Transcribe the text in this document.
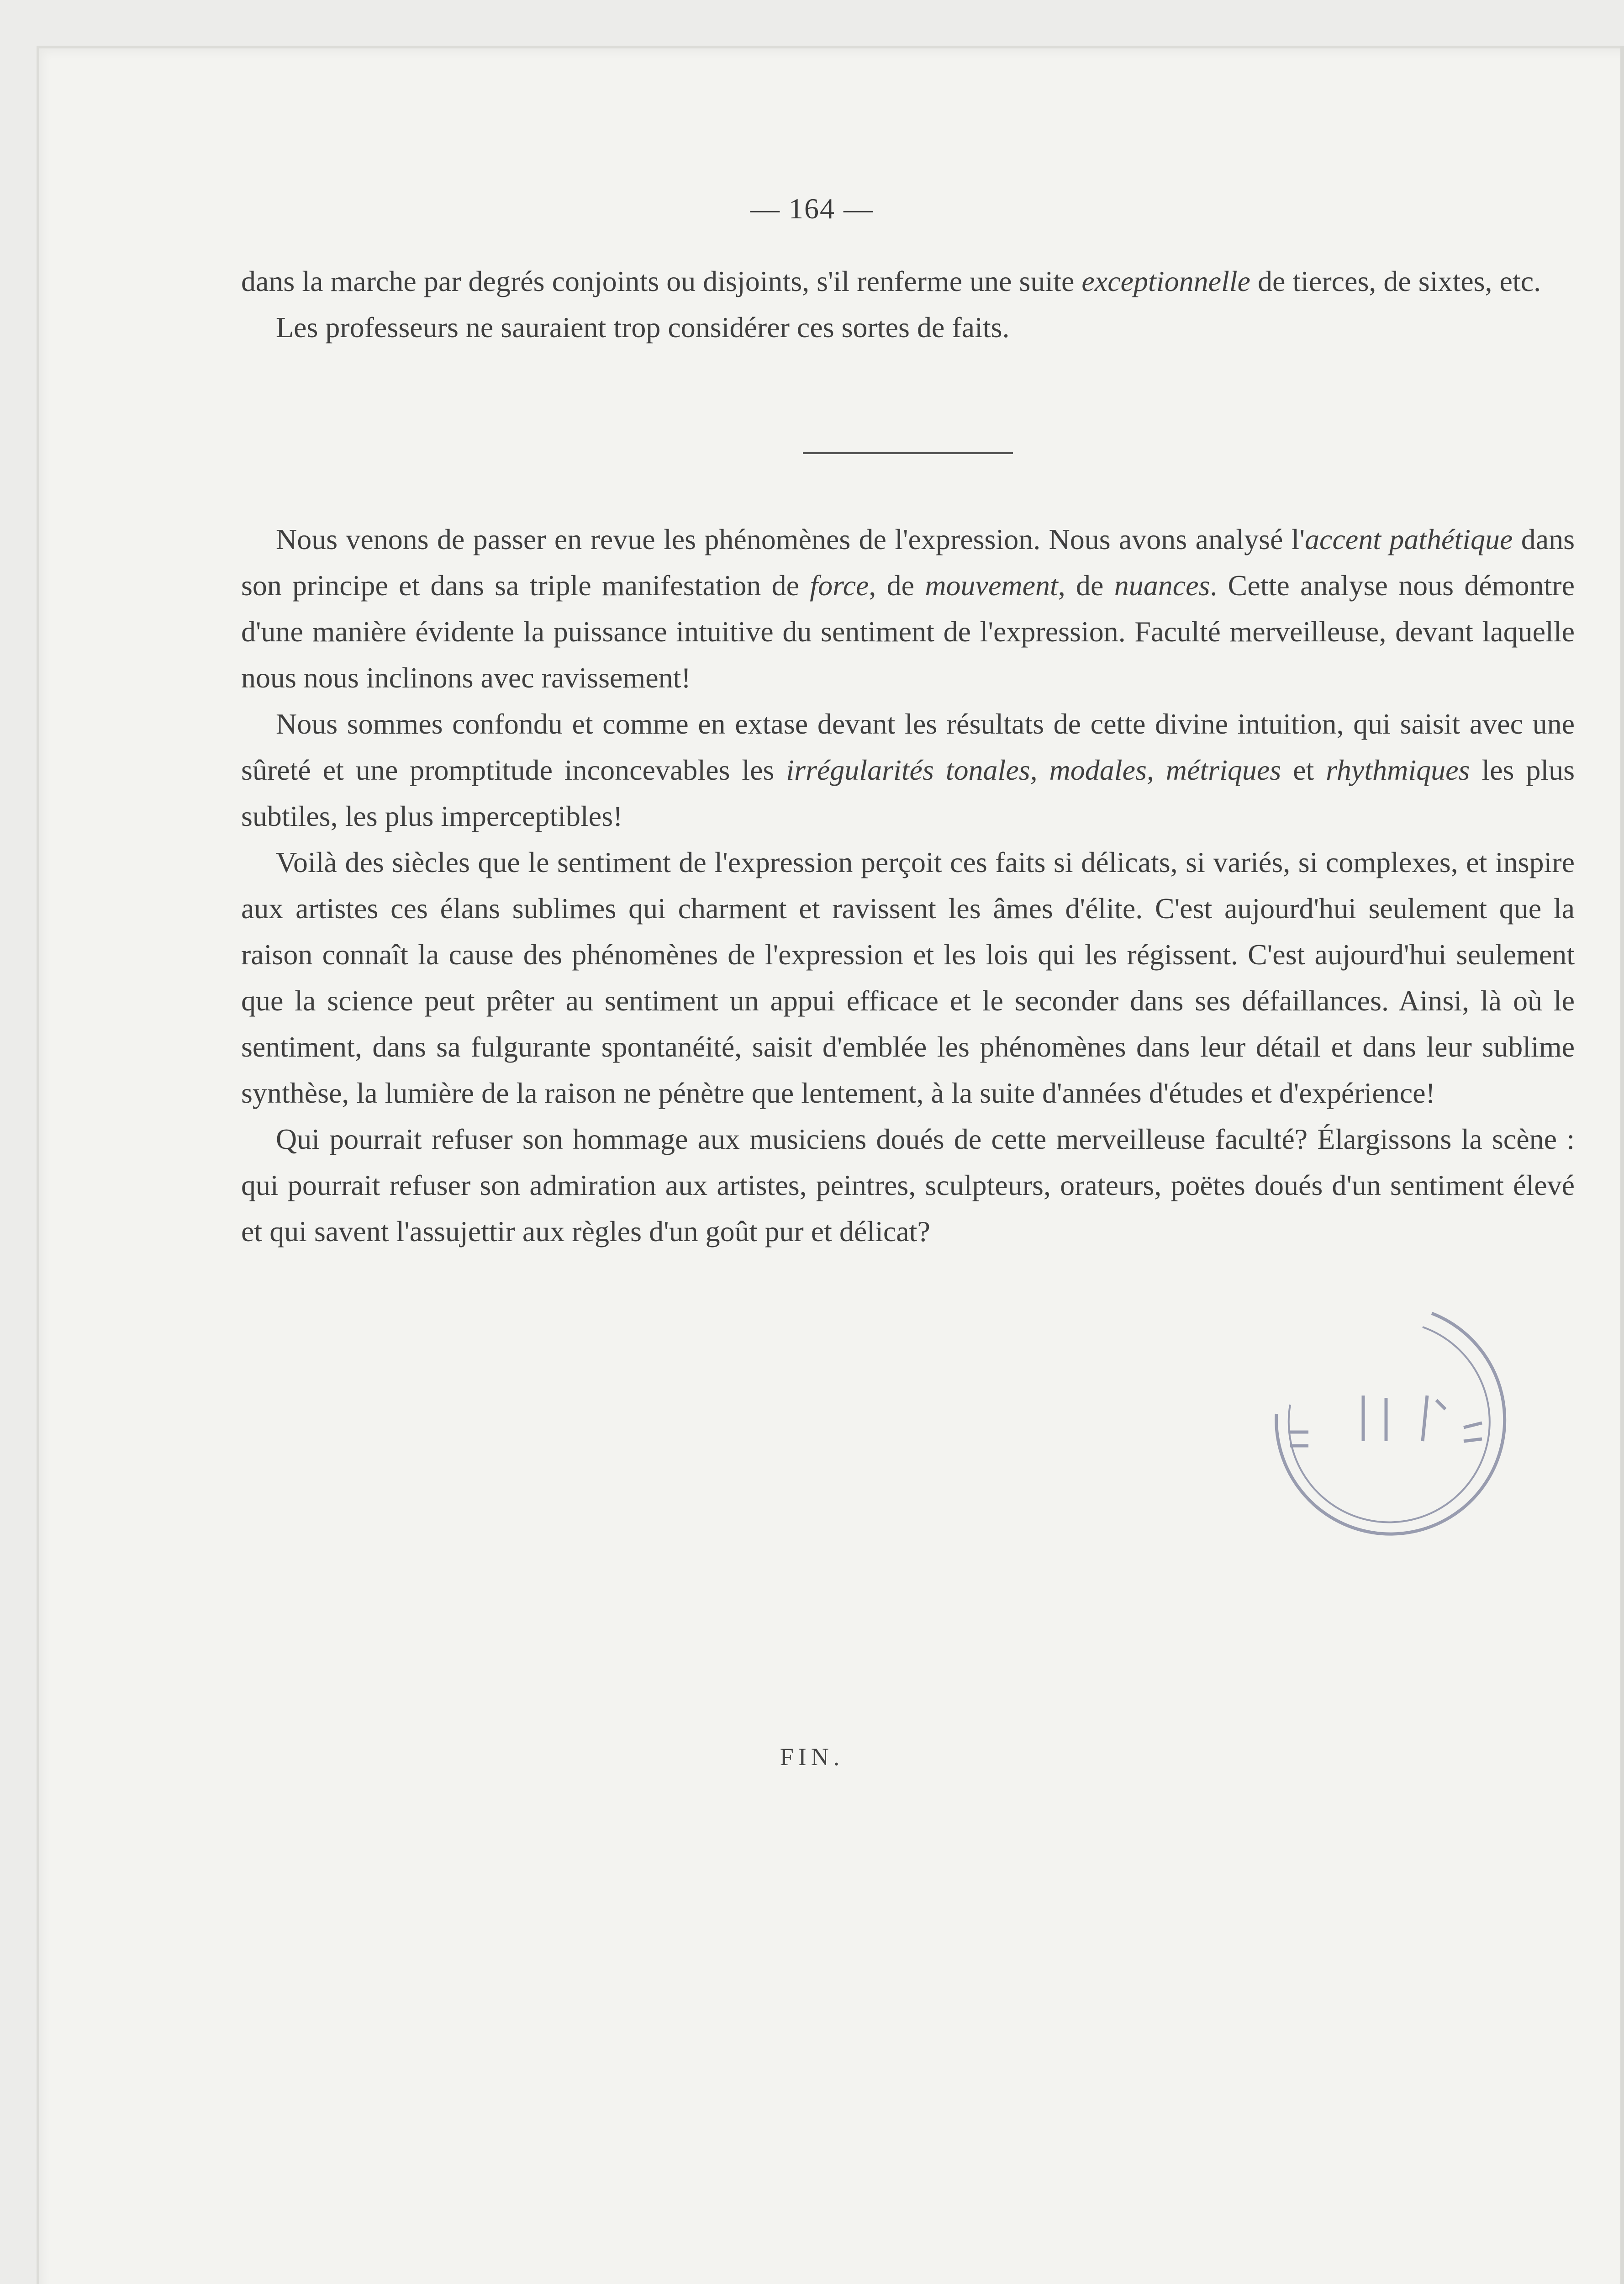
— 164 —

dans la marche par degrés conjoints ou disjoints, s'il renferme une suite exceptionnelle de tierces, de sixtes, etc.

Les professeurs ne sauraient trop considérer ces sortes de faits.

Nous venons de passer en revue les phénomènes de l'expression. Nous avons analysé l'accent pathétique dans son principe et dans sa triple manifestation de force, de mouvement, de nuances. Cette analyse nous démontre d'une manière évidente la puissance intuitive du sentiment de l'expression. Faculté merveilleuse, devant laquelle nous nous inclinons avec ravissement!

Nous sommes confondu et comme en extase devant les résultats de cette divine intuition, qui saisit avec une sûreté et une promptitude inconcevables les irrégularités tonales, modales, métriques et rhythmiques les plus subtiles, les plus imperceptibles!

Voilà des siècles que le sentiment de l'expression perçoit ces faits si délicats, si variés, si complexes, et inspire aux artistes ces élans sublimes qui charment et ravissent les âmes d'élite. C'est aujourd'hui seulement que la raison connaît la cause des phénomènes de l'expression et les lois qui les régissent. C'est aujourd'hui seulement que la science peut prêter au sentiment un appui efficace et le seconder dans ses défaillances. Ainsi, là où le sentiment, dans sa fulgurante spontanéité, saisit d'emblée les phénomènes dans leur détail et dans leur sublime synthèse, la lumière de la raison ne pénètre que lentement, à la suite d'années d'études et d'expérience!

Qui pourrait refuser son hommage aux musiciens doués de cette merveilleuse faculté? Élargissons la scène : qui pourrait refuser son admiration aux artistes, peintres, sculpteurs, orateurs, poëtes doués d'un sentiment élevé et qui savent l'assujettir aux règles d'un goût pur et délicat?

FIN.
